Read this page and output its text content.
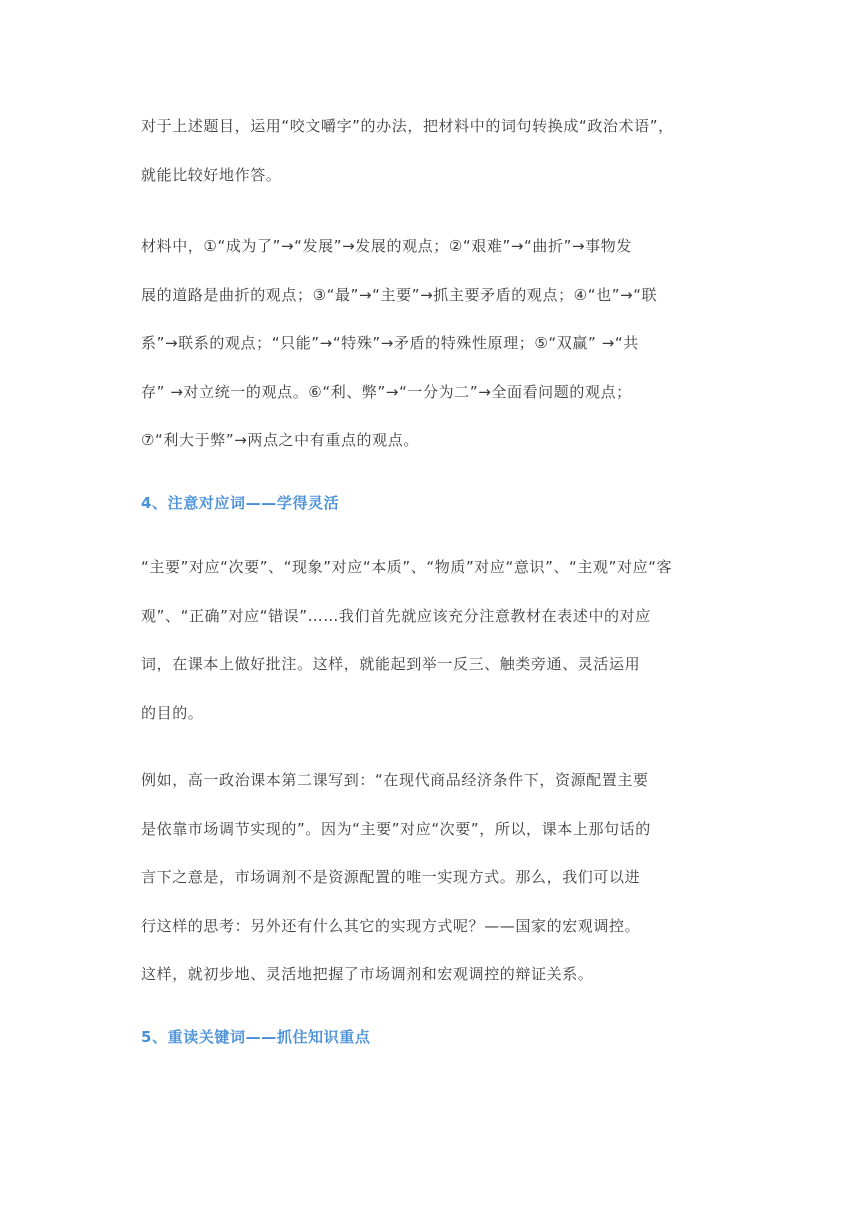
对于上述题目，运用“咬文嚼字”的办法，把材料中的词句转换成“政治术语”，
就能比较好地作答。

材料中，①“成为了”→“发展”→发展的观点；②“艰难”→“曲折”→事物发
展的道路是曲折的观点；③“最”→“主要”→抓主要矛盾的观点；④“也”→“联
系”→联系的观点；“只能”→“特殊”→矛盾的特殊性原理；⑤“双赢” →“共
存” →对立统一的观点。⑥“利、弊”→“一分为二”→全面看问题的观点；
⑦“利大于弊”→两点之中有重点的观点。

4、注意对应词——学得灵活

“主要”对应“次要”、“现象”对应“本质”、“物质”对应“意识”、“主观”对应“客
观”、“正确”对应“错误”……我们首先就应该充分注意教材在表述中的对应
词，在课本上做好批注。这样，就能起到举一反三、触类旁通、灵活运用
的目的。

例如，高一政治课本第二课写到：“在现代商品经济条件下，资源配置主要
是依靠市场调节实现的”。因为“主要”对应“次要”，所以，课本上那句话的
言下之意是，市场调剂不是资源配置的唯一实现方式。那么，我们可以进
行这样的思考：另外还有什么其它的实现方式呢？——国家的宏观调控。
这样，就初步地、灵活地把握了市场调剂和宏观调控的辩证关系。

5、重读关键词——抓住知识重点
